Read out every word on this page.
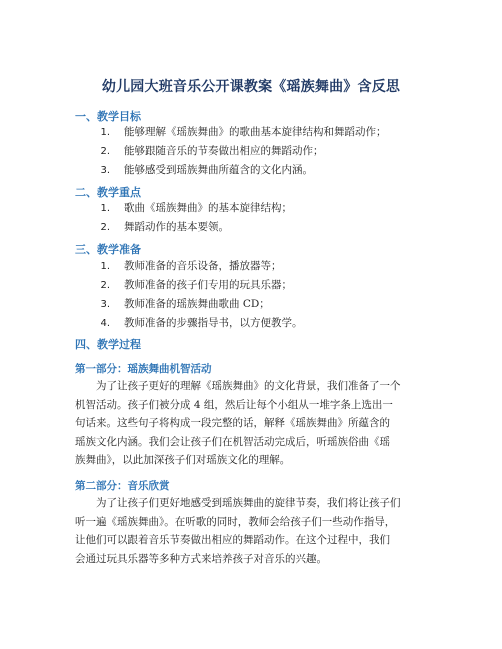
幼儿园大班音乐公开课教案《瑶族舞曲》含反思
一、教学目标
1.	能够理解《瑶族舞曲》的歌曲基本旋律结构和舞蹈动作；
2.	能够跟随音乐的节奏做出相应的舞蹈动作；
3.	能够感受到瑶族舞曲所蕴含的文化内涵。
二、教学重点
1.	歌曲《瑶族舞曲》的基本旋律结构；
2.	舞蹈动作的基本要领。
三、教学准备
1.	教师准备的音乐设备，播放器等；
2.	教师准备的孩子们专用的玩具乐器；
3.	教师准备的瑶族舞曲歌曲 CD；
4.	教师准备的步骤指导书，以方便教学。
四、教学过程
第一部分：瑶族舞曲机智活动
为了让孩子更好的理解《瑶族舞曲》的文化背景，我们准备了一个
机智活动。孩子们被分成 4 组，然后让每个小组从一堆字条上选出一
句话来。这些句子将构成一段完整的话，解释《瑶族舞曲》所蕴含的
瑶族文化内涵。我们会让孩子们在机智活动完成后，听瑶族俗曲《瑶
族舞曲》，以此加深孩子们对瑶族文化的理解。
第二部分：音乐欣赏
为了让孩子们更好地感受到瑶族舞曲的旋律节奏，我们将让孩子们
听一遍《瑶族舞曲》。在听歌的同时，教师会给孩子们一些动作指导，
让他们可以跟着音乐节奏做出相应的舞蹈动作。在这个过程中，我们
会通过玩具乐器等多种方式来培养孩子对音乐的兴趣。
